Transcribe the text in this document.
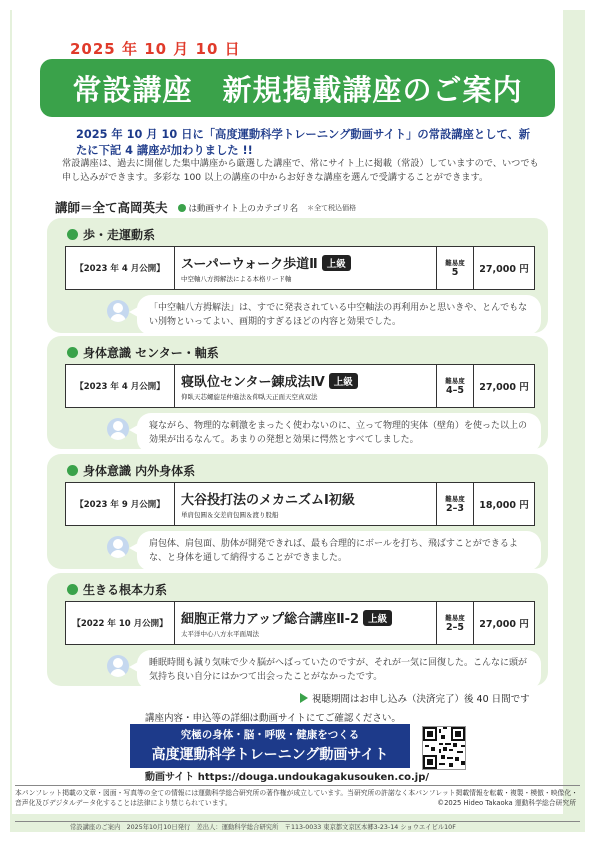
2025 年 10 月 10 日
常設講座　新規掲載講座のご案内
2025 年 10 月 10 日に「高度運動科学トレーニング動画サイト」の常設講座として、新たに下記 4 講座が加わりました !!
常設講座は、過去に開催した集中講座から厳選した講座で、常にサイト上に掲載（常設）していますので、いつでも申し込みができます。多彩な 100 以上の講座の中からお好きな講座を選んで受講することができます。
講師＝全て高岡英夫 は動画サイト上のカテゴリ名 ＊全て税込価格
歩・走運動系
【2023 年 4 月公開】	スーパーウォーク歩道Ⅱ 上級
中空軸八方拇解法による本格リード軸
難易度
5	27,000 円
「中空軸八方拇解法」は、すでに発表されている中空軸法の再利用かと思いきや、とんでもない別物といってよい、画期的すぎるほどの内容と効果でした。
身体意識 センター・軸系
【2023 年 4 月公開】	寝臥位センター錬成法Ⅳ 上級
仰臥天芯螺旋足仲進法＆仰臥天正面天空真双法
難易度
4–5	27,000 円
寝ながら、物理的な刺激をまったく使わないのに、立って物理的実体（壁角）を使った以上の効果が出るなんて。あまりの発想と効果に愕然とすべてしました。
身体意識 内外身体系
【2023 年 9 月公開】	大谷投打法のメカニズムⅠ初級
単肩包圓＆交差肩包圓＆渡り股船
難易度
2–3	18,000 円
肩包体、肩包面、肋体が開発できれば、最も合理的にボールを打ち、飛ばすことができるよな、と身体を通して納得することができました。
生きる根本力系
【2022 年 10 月公開】	細胞正常力アップ総合講座Ⅱ-2 上級
太平洋中心八方水平面周法
難易度
2–5	27,000 円
睡眠時間も減り気味で少々脳がへばっていたのですが、それが一気に回復した。こんなに頭が気持ち良い自分にはかつて出会ったことがなかったです。
視聴期間はお申し込み（決済完了）後 40 日間です
講座内容・申込等の詳細は動画サイトにてご確認ください。
究極の身体・脳・呼吸・健康をつくる
高度運動科学トレーニング動画サイト
動画サイト https://douga.undoukagakusouken.co.jp/
本パンフレット掲載の文章・図面・写真等の全ての情報には運動科学総合研究所の著作権が成立しています。当研究所の許諾なく本パンフレット掲載情報を転載・複製・模倣・映像化・音声化及びデジタルデータ化することは法律により禁じられています。	©2025 Hideo Takaoka 運動科学総合研究所
常設講座のご案内　2025年10月10日発行　差出人：運動科学総合研究所　〒113-0033 東京都文京区本郷3-23-14 ショウエイビル10F
